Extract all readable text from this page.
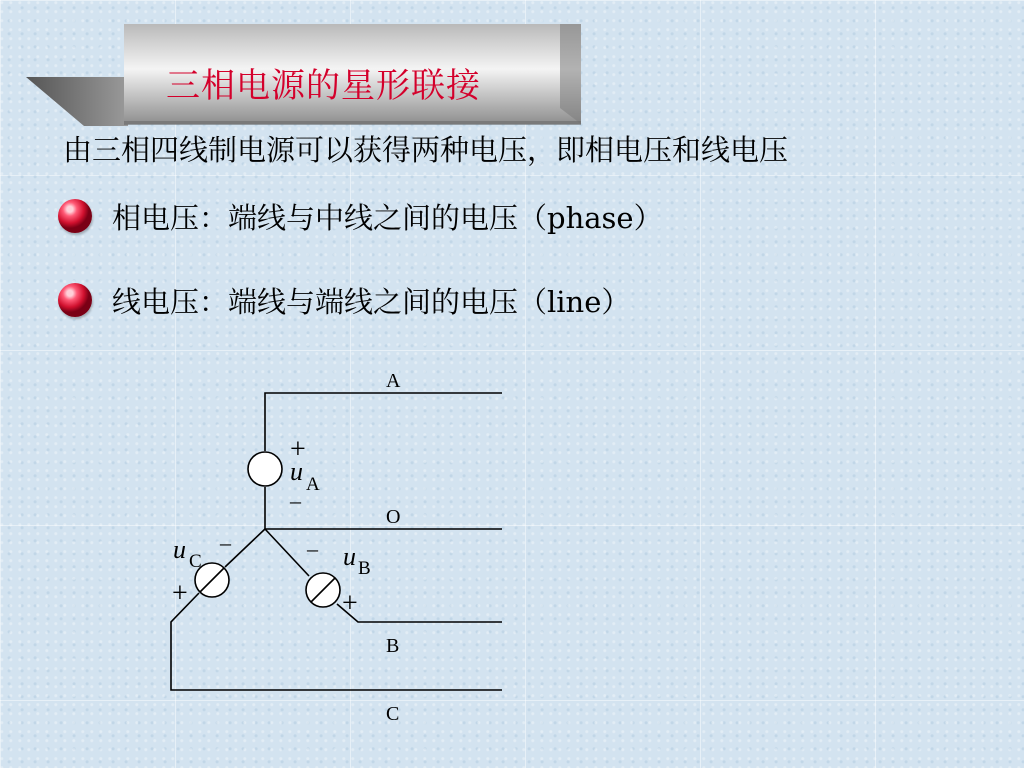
三相电源的星形联接
由三相四线制电源可以获得两种电压，即相电压和线电压
相电压：端线与中线之间的电压（phase）
线电压：端线与端线之间的电压（line）
A
O
B
C
+
u A
–
u C
–
+
– u B
+
